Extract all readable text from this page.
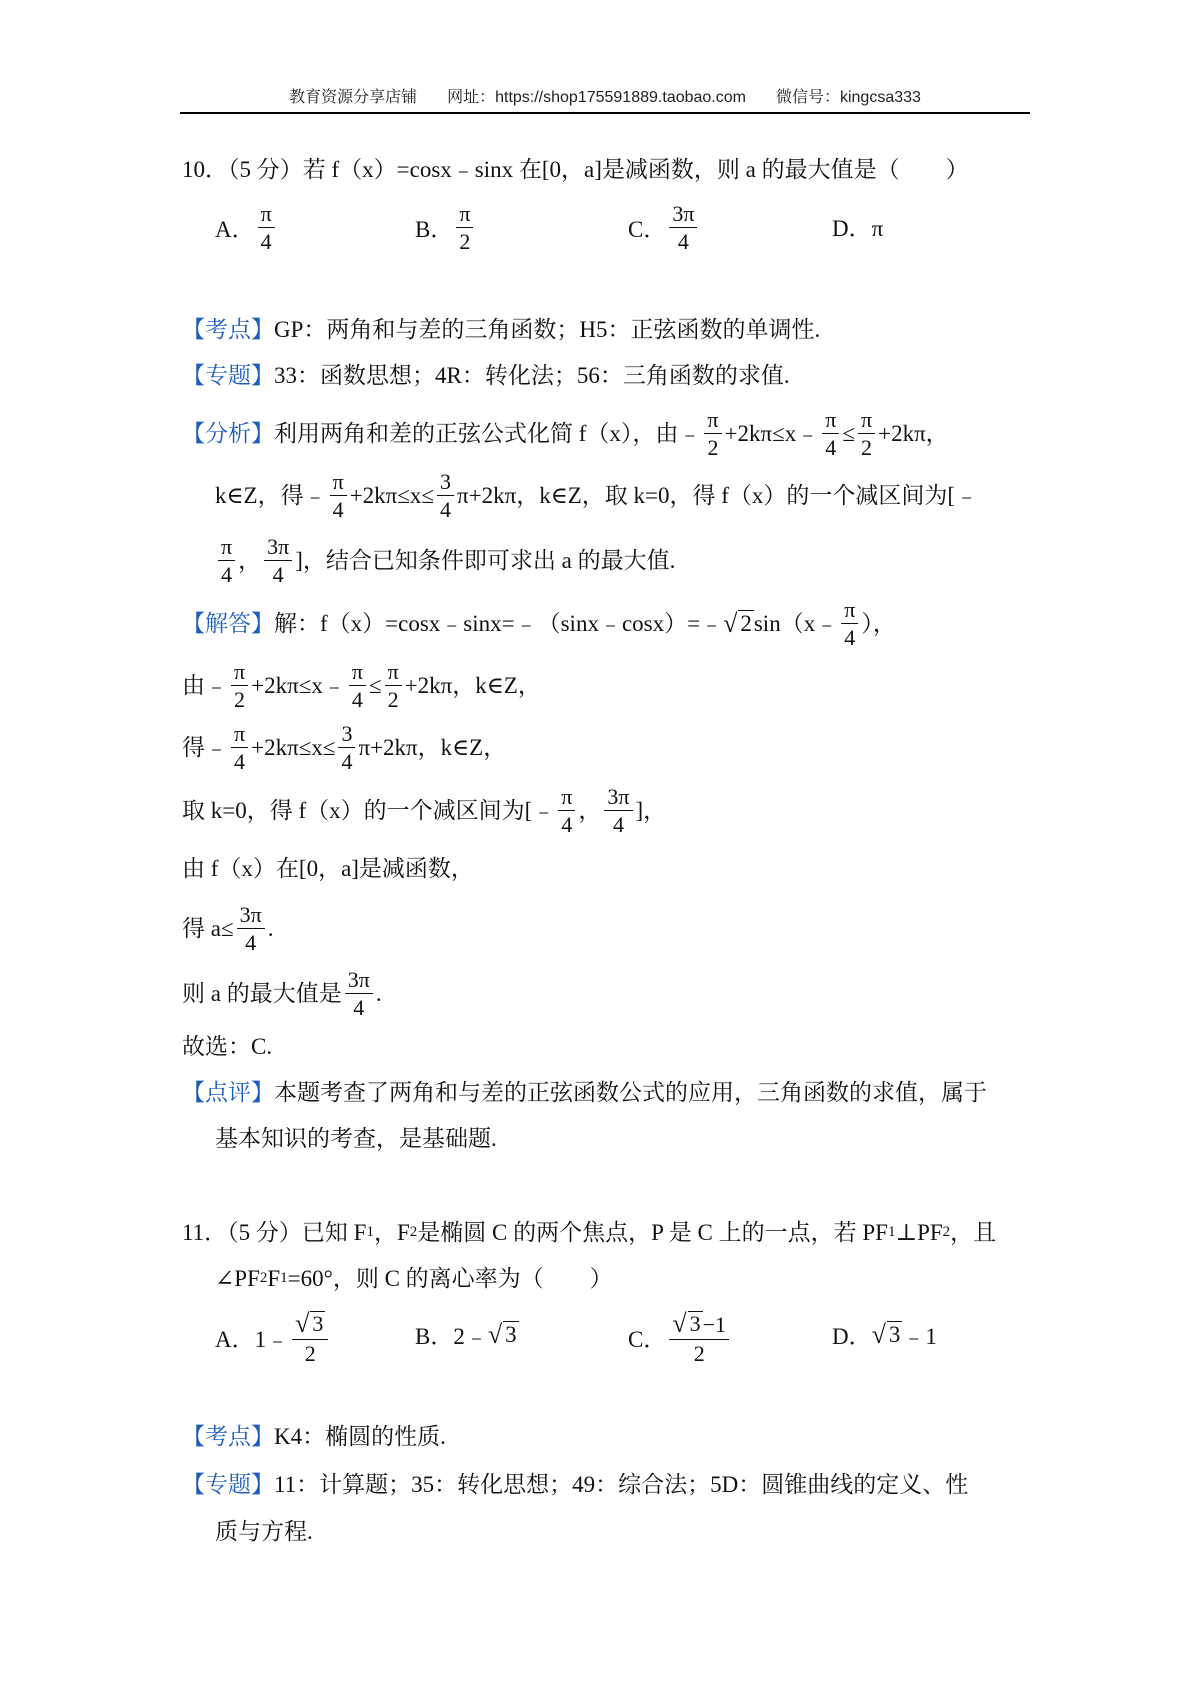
教育资源分享店铺 网址：https://shop175591889.taobao.com 微信号：kingcsa333
10．（5 分）若 f（x）=cosx﹣sinx 在[0，a]是减函数，则 a 的最大值是（　　）
A． $\frac{\pi}{4}$	B． $\frac{\pi}{2}$	C． $\frac{3\pi}{4}$	D．π
【考点】 GP：两角和与差的三角函数；H5：正弦函数的单调性.
【专题】 33：函数思想；4R：转化法；56：三角函数的求值.
【分析】 利用两角和差的正弦公式化简 f（x），由﹣ $\frac{\pi}{2}$ +2kπ≤x﹣ $\frac{\pi}{4} \le \frac{\pi}{2} +2k\pi$，
k∈Z，得﹣ $\frac{\pi}{4} +2k\pi\le x\le \frac{3}{4} \pi+2k\pi$，k∈Z，取 k=0，得 f（x）的一个减区间为[﹣
$\frac{\pi}{4}$ ， $\frac{3\pi}{4}$ ]，结合已知条件即可求出 a 的最大值.
【解答】 解：f（x）=cosx﹣sinx=﹣（sinx﹣cosx）=﹣ √ 2 sin（x﹣ $\frac{\pi}{4}$ ），
由﹣ $\frac{\pi}{2}$ +2kπ≤x﹣ $\frac{\pi}{4} \le \frac{\pi}{2} +2k\pi$，k∈Z，
得﹣ $\frac{\pi}{4} +2k\pi\le x\le \frac{3}{4} \pi+2k\pi$，k∈Z，
取 k=0，得 f（x）的一个减区间为[﹣ $\frac{\pi}{4}$ ， $\frac{3\pi}{4}$ ]，
由 f（x）在[0，a]是减函数，
得 $a\le \frac{3\pi}{4}$ .
则 a 的最大值是 $\frac{3\pi}{4}$ .
故选：C.
【点评】 本题考查了两角和与差的正弦函数公式的应用，三角函数的求值，属于
基本知识的考查，是基础题.
11．（5 分）已知 F 1 ，F 2 是椭圆 C 的两个焦点，P 是 C 上的一点，若 PF 1 ⊥PF 2 ，且
∠PF 2 F 1 =60°，则 C 的离心率为（　　）
A．1﹣ $\frac{√ 3}{2}$	B．2﹣ √ 3	C． $\frac{√ 3 -1}{2}$	D． √ 3 ﹣1
【考点】 K4：椭圆的性质.
【专题】 11：计算题；35：转化思想；49：综合法；5D：圆锥曲线的定义、性
质与方程.
